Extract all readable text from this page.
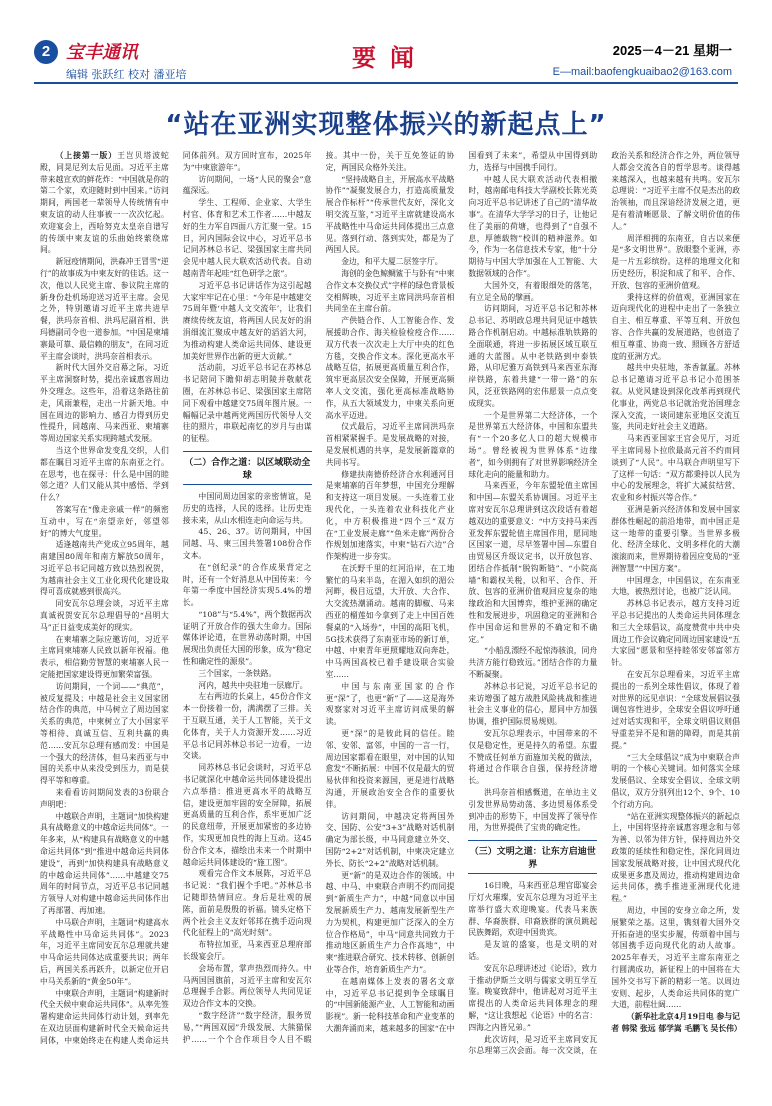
2 宝丰通讯	要闻	2025－4－21 星期一
编辑 张跃红 校对 潘亚培	E—mail:baofengkuaibao2@163.com
“站在亚洲实现整体振兴的新起点上”

（上接第一版）王岂贝塔波蛇殿，同晃尼列太后见面。习近平主席带来越宣欢的鲜花炸：“中国就是你的第二个家，欢迎随时到中国来。”访问期间，两国老一辈领导人传统情有中柬友谊的动人往事被一一次次忆起。欢迎宴会上，西哈努克太皇亲自谱写的传颂中柬友谊的乐曲始终萦绕席间。

新冠疫情期间，洪森冲王冒雪“逆行”的故事成为中柬友好的佳话。这一次，他以人民党主席、参议院主席的新身份赴机场迎送习近平主席。会见之外，特别邀请习近平主席共进早餐，洪玛奈首相、洪玛尼副首相、洪玛德副司令也一道参加。“中国是柬埔寨最可靠、最信赖的朋友”，在同习近平主席会谈时，洪玛奈首相表示。

新时代大国外交启幕之际，习近平主席洞察时势，提出亲诚惠容周边外交理念。这些年，沿着这条路往前走，风雨兼程，走出一片新天地。中国在周边的影响力、感召力得到历史性提升，同越南、马来西亚、柬埔寨等周边国家关系实现跨越式发展。

当这个世界命发变乱交织，人们都在瞩目习近平主席的东南亚之行。在思考，也在探寻：什么是中国的睦邻之道？人们又能从其中感悟、学到什么？

答案写在“像走亲戚一样”的频密互动中，写在“亲望亲好，邻望邻好”的博大气度里。

适逢越南共产党成立95周年，越南建国80周年和南方解放50周年，习近平总书记同越方致以热烈祝贺，为越南社会主义工业化现代化建设取得可喜成就感到很高兴。

同安瓦尔总理会谈，习近平主席真诚祝贺安瓦尔总理倡导的“昌明大马”正日益变成美好的现实。

在柬埔寨之际应邀访问，习近平主席同柬埔寨人民致以新年祝福。他表示，相信勤劳智慧的柬埔寨人民一定能把国家建设得更加繁荣富强。

访问期间，一个词——“典范”，被反复提及；中越是社会主义国家团结合作的典范，中马树立了周边国家关系的典范，中柬树立了大小国家平等相待、真诚互信、互利共赢的典范……安瓦尔总理有感而发：中国是一个强大的经济体，但马来西亚与中国的关系中从来没受到压力，而是获得平等和尊重。

来看看访问期间发表的3份联合声明吧：

中越联合声明，主题词“加快构建具有战略意义的中越命运共同体”。一年多来，从“构建具有战略意义的中越命运共同体”到“推进中越命运共同体建设”，再到“加快构建具有战略意义的中越命运共同体”……中越建交75周年的时间节点，习近平总书记同越方领导人对构建中越命运共同体作出了再部署、再加速。

中马联合声明，主题词“构建高水平战略性中马命运共同体”。2023年，习近平主席同安瓦尔总理就共建中马命运共同体达成重要共识；两年后，两国关系再跃升，以新定位开启中马关系新的“黄金50年”。

中柬联合声明，主题词“构建新时代全天候中柬命运共同体”。从率先签署构建命运共同体行动计划，到率先在双边层面构建新时代全天候命运共同体，中柬始终走在构建人类命运共同体前列。双方回时宣布，2025年为“中柬旅游年”。

访问期间，一场“人民的聚会”意蕴深远。

学生、工程师、企业家、大学生村官、体育和艺术工作者……中越友好的生力军自四面八方汇聚一堂。15日，河内国际会议中心，习近平总书记同苏林总书记、梁强国家主席共同会见中越人民大联欢活动代表。自动越南青年起哇“红色研学之旅”。

习近平总书记讲话作为这引起越大家牢牢记在心里：“今年是中越建交75周年暨‘中越人文交流年’，让我们赓续传统友谊，将两国人民友好的涓涓细流汇聚成中越友好的滔滔大河，为推动构建人类命运共同体、建设更加美好世界作出新的更大贡献。”

活动前，习近平总书记在苏林总书记陪同下瞻仰胡志明陵并敬献花圈，在苏林总书记、梁强国家主席陪同下观看中越建交75周年图片展。一幅幅记录中越两党两国历代领导人交往的照片，串联起南忆的岁月与由谋的征程。

（二）合作之道：以区域联动全球

中国同周边国家的亲密情谊，是历史的选择，人民的选择。让历史连接未来，从山水相连走向命运与共。

45、26、37。访问期间，中国同越、马、柬三国共签署108份合作文本。

在“创纪录”的合作成果背定之时，还有一个好消息从中国传来：今年第一季度中国经济实现5.4%的增长。

“108”与“5.4%”，两个数据再次证明了开放合作的强大生命力。国际媒体评论道，在世界动荡时期，中国展现出负责任大国的形象，成为“稳定性和确定性的源泉”。

三个国家，一条铁路。

河内，越共中央驻地一层廊厅。

左右两边的长桌上，45份合作文本一份接着一份，满满摆了三排。关于互联互通，关于人工智能，关于文化体育，关于人力资源开发……习近平总书记同苏林总书记一边看，一边交谈。

同苏林总书记会谈时，习近平总书记就深化中越命运共同体建设提出六点举措：推进更高水平的战略互信，建设更加牢固的安全屏障，拓展更高质量的互利合作，系牢更加广泛的民意纽带，开展更加紧密的多边协作，实现更加良性的海上互动。这45份合作文本，描绘出未来一个时期中越命运共同体建设的“施工图”。

观看完合作文本展陈，习近平总书记说：“我们握个手吧。”苏林总书记随即热情回应。身后是壮观的展陈，面前是殷殷的祈福。镜头定格下两个社会主义友好邻邦在携手迈向现代化征程上的“高光时刻”。

布特拉加亚，马来西亚总理府部长级宴会厅。

会场布置，掌声热烈而持久。中马两国国旗前，习近平主席和安瓦尔总理握手合影。两位领导人共同见证双边合作文本的交换。

“数字经济”“数字经济，服务贸易，”“两国双园”升级发展、大熊猫保护……一个个合作项目令人目不暇接。其中一份，关于互免签证的协定，两国民众格外关注。

“坚持战略自主，开展高水平战略协作”“凝聚发展合力，打造高质量发展合作标杆”“传承世代友好，深化文明交流互鉴，”习近平主席就建设高水平战略性中马命运共同体提出三点意见。落到行动、落到实处，都是为了两国人民。

金边，和平大厦二层签字厅。

海创的金色鲸鲷鲨于与卧有“中柬合作文本交换仪式”字样的绿色背景板交相辉映，习近平主席同洪玛奈首相共同坐在主席台前。

产供链合作、人工智能合作、发展援助合作、海关检验检疫合作……双方代表一次次走上大厅中央的红色方毯，交换合作文本。深化更高水平战略互信，拓展更高质量互利合作，筑牢更高层次安全保障，开展更高频率人文交流，强化更高标准战略协作，从五大领域发力，中柬关系向更高水平迈进。

仪式最后，习近平主席同洪玛奈首相紧紧握手。是发展战略的对接，是发展机遇的共享，是发展新篇章的共同书写。

修建扶南德侨经济合水利通河目是柬埔寨的百年梦想，中国充分理解和支持这一项目发展。一头连着工业现代化，一头连着农业科技化产业化，中方积极推进“四个三”双方在“工业发展走廊”“鱼米走廊”两份合作规划加速落实，中柬“钻石六边”合作架构进一步夯实。

在沃野千里的红河沿岸，在工地繁忙的马来半岛，在湄入如织的湄公河畔，极目远望，大开放、大合作、大交流热潮涌动。越南的脚椒、马来西亚的榴莲如今拿到了走上中国百姓餐桌的“入场券”，中国的高阳飞机，5G技术获得了东南亚市场的新订单，中越、中柬青年更照耀地双向奔赴，中马两国高校已着手建设联合实验室……

中国与东南亚国家的合作更“深”了，也更“新”了——这是海外观察家对习近平主席访问成果的解读。

更“深”的是彼此间的信任。睦邻、安邻、富邻，中国的一言一行，周边国家都看在眼里，对中国的认知愈发“不断拓展：中国不仅是最大的贸易伙伴和投资来源国，更是进行战略沟通，开展政治安全合作的重要伙伴。

访问期间，中越决定将两国外交、国防、公安“3+3”战略对话机制确定为部长级，中马同意建立外交、国防“2+2”对话机制，中柬决定建立外长、防长“2+2”战略对话机制。

更“新”的是双边合作的领域。中越、中马、中柬联合声明不约而同提到“新质生产力”，中越“同意以中国发展新质生产力、越南发展新型生产力为契机，构建更加广泛深入的全方位合作格局”，中马“同意共同致力于推动地区新质生产力合作高地”，中柬“推进联合研究、技术转移、创新创业等合作，培育新质生产力”。

在越南媒体上发表的署名文章中，习近平总书记提到争全球瞩目的“中国新能源产业、人工智能和动画影视”。新一轮科技革命和产业变革的大潮奔涌而来，越来越多的国家“在中国看到了未来”，希望从中国得到助力，选择与中国携手同行。

中越人民大联欢活动代表相撤时，越南邮电科技大学副校长陈光英向习近平总书记讲述了自己的“清华故事”。在清华大学学习的日子，让他记住了美丽的荷塘，也得到了“自强不息，厚德载物”校训的精神滋养。如今，作为一名信息技术专家，他“十分期待与中国大学加强在人工智能、大数据领域的合作”。

大国外交，有着眼细处的落笔，有立足全局的擘画。

访问期间，习近平总书记和苏林总书记、苏明政总理共同见证中越铁路合作机制启动。中越标准轨铁路的全面联通，将进一步拓展区域互联互通的大蓝图。从中老铁路到中泰铁路，从印尼雅万高铁到马来西亚东海岸铁路，东着共建“一带一路”的东风，泛亚铁路网的宏伟愿景一点点变成现实。

一个是世界第二大经济体，一个是世界第五大经济体，中国和东盟共有“一个20多亿人口的超大规模市场”。曾经被视为世界体系“边缘者”，如今则拥有了对世界影响经济全球化走向的能量和助力。

马来西亚，今年东盟轮值主席国和中国—东盟关系协调国。习近平主席对安瓦尔总理讲到这次段话有着超越双边的重要意义：“中方支持马来西亚发挥东盟轮值主席国作用，愿同地区国家一道，尽早签署中国—东盟自由贸易区升级议定书，以开放包容、团结合作抵制“脱钩断链”、“小院高墙”和霸权关税，以和平、合作、开放、包容的亚洲价值观回应复杂的地缘政治和大国博弈，维护亚洲的确定性和发展进步，巩固稳定的亚洲和合作中国命运和世界的不确定和不确定。”

“小船乱漂经不起惊涛骇浪，同舟共济方能行稳致远。”团结合作的力量不断凝聚。

苏林总书记说，习近平总书记的来访增强了越方战胜风险挑战和推进社会主义事业的信心，愿同中方加强协调，推护国际贸易规则。

安瓦尔总理表示，中国带来的不仅是稳定性，更是持久的希望。东盟不赞成任何单方面施加关税的做法，将通过合作联合自强，保持经济增长。

洪玛奈首相感慨道，在单边主义引发世界局势动荡、多边贸易体系受到冲击的形势下，中国发挥了领导作用，为世界提供了宝贵的确定性。

（三）文明之道：让东方启迪世界

16日晚，马来西亚总理官邸宴会厅灯火璀璨，安瓦尔总理为习近平主席举行盛大欢迎晚宴。代表马来族群、华裔族群、印裔族群的演员跳起民族舞蹈，欢迎中国贵宾。

是友谊的盛宴，也是文明的对话。

安瓦尔总理讲述过《论语》，致力于推动伊斯兰文明与儒家文明互学互鉴。晚宴致辞中，他讲起对习近平主席提出的人类命运共同体理念的理解，“这让我想起《论语》中的名言：四海之内皆兄弟。”

此次访问，是习近平主席同安瓦尔总理第三次会面。每一次交谈，在政治关系和经济合作之外，两位领导人都会交流各自的哲学思考。谈得越来越深入，也越来越有共鸣。安瓦尔总理说：“习近平主席不仅是杰出的政治领袖，而且深谙经济发展之道，更是有着清晰愿景、了解文明价值的伟人。”

周洋相拥的东南亚，自古以来便是“多文明世界”。放眼整个亚洲，亦是一片五彩缤纷。这样的地理文化和历史经历，积淀和成了和平、合作、开放、包容的亚洲价值观。

秉持这样的价值观，亚洲国家在迈向现代化的进程中走出了一条独立自主、相互尊重、平等互利、开放包容、合作共赢的发展道路，也创造了相互尊重、协商一致、照顾各方舒适度的亚洲方式。

越共中央驻地，茶香氤氲。苏林总书记邀请习近平总书记小范围茶叙。从党风建设到深化改革再到现代化事业，两党总书记就治党治国理念深入交流，一谈同建东亚地区交流互鉴，共同走好社会主义道路。

马来西亚国家王宫会见厅，习近平主席同易卜拉欣最高元首不约而同谈到了“人民”。中马联合声明里写下了这样一句话：“双方都秉持以人民为中心的发展理念，将扩大减贫结营、农业和乡村振兴等合作。”

亚洲是新兴经济体和发展中国家群体性崛起的前沿地带，而中国正是这一地带的重要引擎。当世界多极化、经济全球化、文明多样化的大潮滚滚而来，世界期待着因应变局的“亚洲智慧”“中国方案”。

中国理念，中国倡议，在东南亚大地，被热烈讨论，也被广泛认同。

苏林总书记表示，越方支持习近平总书记提出的人类命运共同体理念和三大全球倡议，高度赞赏中共中央周边工作会议确定同周边国家建设“五大家园”愿景和坚持睦邻安邻富邻方针。

在安瓦尔总理看来，习近平主席提出的一系列全球性倡议，体现了着对世界的远见卓识：“全球发展倡议强调包容性进步，全球安全倡议呼吁通过对话实现和平，全球文明倡议则倡导重差异不是和谐的障碍，而是其前提。”

“三大全球倡议”成为中柬联合声明的一个核心关键词。如何落实全球发展倡议、全球安全倡议、全球文明倡议，双方分别列出12个、9个、10个行动方向。

“站在亚洲实现整体振兴的新起点上，中国将坚持亲诚惠容理念和与邻为善、以邻为伴方针，保持周边外交政策的延续性和稳定性，深化同周边国家发展战略对接，让中国式现代化成果更多惠及周边，推动构建周边命运共同体，携手推进亚洲现代化进程。”

周边，中国的安身立命之所，发展繁荣之基。这里，镌刻着大国外交开拓奋进的坚实步履，传颂着中国与邻国携手迈向现代化的动人故事。2025年春天，习近平主席东南亚之行圆满成功，新征程上的中国将在大国外交书写下新的精彩一笔。以周边安则、起步，人类命运共同体的宽广大道，前程壮阔……

（新华社北京4月19日电 参与记者 韩梁 张远 郁学嵩 毛鹏飞 吴长伟）
